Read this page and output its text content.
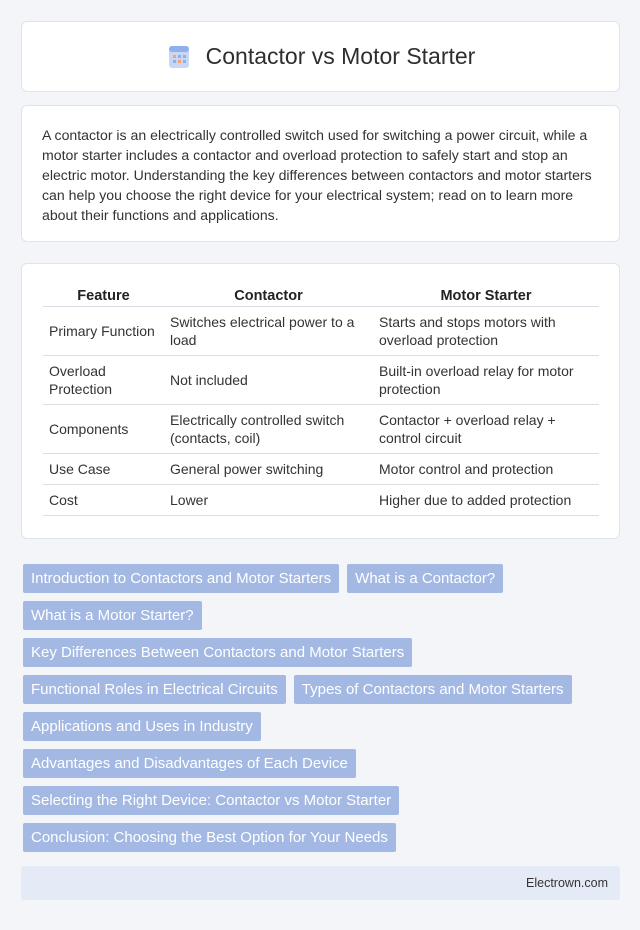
Contactor vs Motor Starter

A contactor is an electrically controlled switch used for switching a power circuit, while a motor starter includes a contactor and overload protection to safely start and stop an electric motor. Understanding the key differences between contactors and motor starters can help you choose the right device for your electrical system; read on to learn more about their functions and applications.

Feature	Contactor	Motor Starter
Primary Function	Switches electrical power to a load	Starts and stops motors with overload protection
Overload Protection	Not included	Built-in overload relay for motor protection
Components	Electrically controlled switch (contacts, coil)	Contactor + overload relay + control circuit
Use Case	General power switching	Motor control and protection
Cost	Lower	Higher due to added protection
Introduction to Contactors and Motor Starters	What is a Contactor?
What is a Motor Starter?
Key Differences Between Contactors and Motor Starters
Functional Roles in Electrical Circuits	Types of Contactors and Motor Starters
Applications and Uses in Industry
Advantages and Disadvantages of Each Device
Selecting the Right Device: Contactor vs Motor Starter
Conclusion: Choosing the Best Option for Your Needs
Electrown.com
